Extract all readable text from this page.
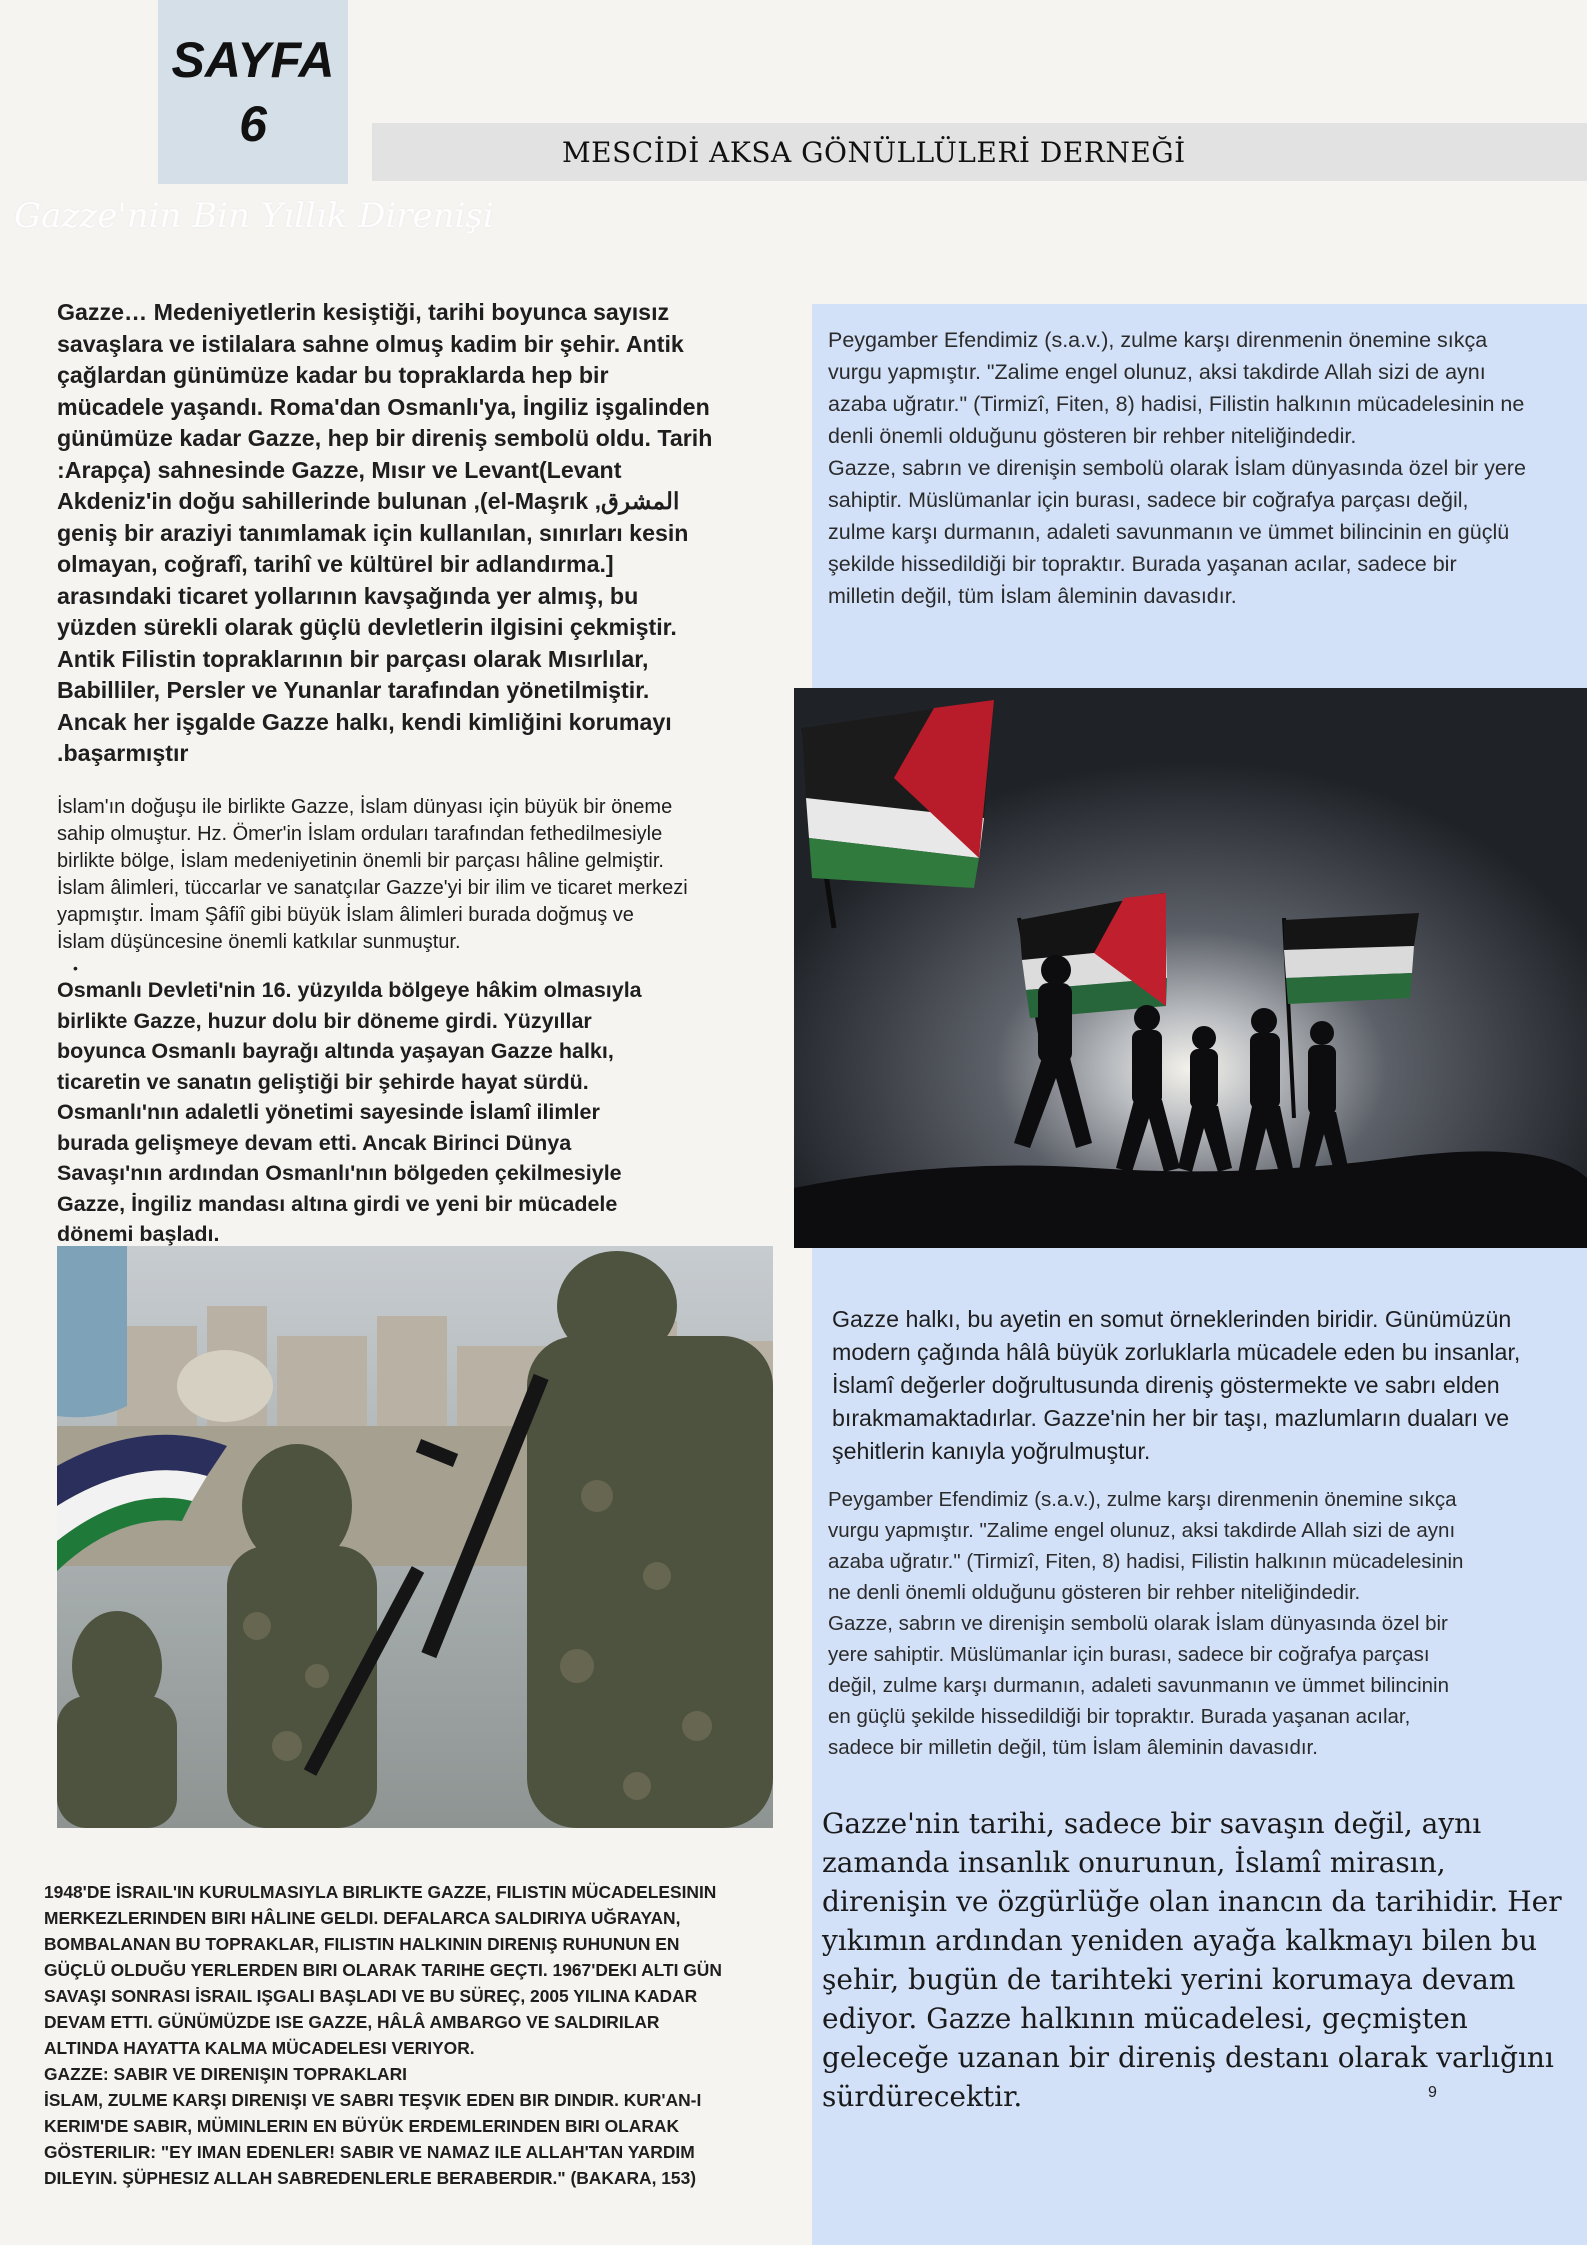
SAYFA
6	MESCİDİ AKSA GÖNÜLLÜLERİ DERNEĞİ
Gazze'nin Bin Yıllık Direnişi

Gazze… Medeniyetlerin kesiştiği, tarihi boyunca sayısız

savaşlara ve istilalara sahne olmuş kadim bir şehir. Antik

çağlardan günümüze kadar bu topraklarda hep bir

mücadele yaşandı. Roma'dan Osmanlı'ya, İngiliz işgalinden

günümüze kadar Gazze, hep bir direniş sembolü oldu. Tarih

:Arapça) sahnesinde Gazze, Mısır ve Levant(Levant

Akdeniz'in doğu sahillerinde bulunan ,(el-Maşrık ,المشرق

geniş bir araziyi tanımlamak için kullanılan, sınırları kesin

olmayan, coğrafî, tarihî ve kültürel bir adlandırma.]

arasındaki ticaret yollarının kavşağında yer almış, bu

yüzden sürekli olarak güçlü devletlerin ilgisini çekmiştir.

Antik Filistin topraklarının bir parçası olarak Mısırlılar,

Babilliler, Persler ve Yunanlar tarafından yönetilmiştir.

Ancak her işgalde Gazze halkı, kendi kimliğini korumayı

.başarmıştır

İslam'ın doğuşu ile birlikte Gazze, İslam dünyası için büyük bir öneme

sahip olmuştur. Hz. Ömer'in İslam orduları tarafından fethedilmesiyle

birlikte bölge, İslam medeniyetinin önemli bir parçası hâline gelmiştir.

İslam âlimleri, tüccarlar ve sanatçılar Gazze'yi bir ilim ve ticaret merkezi

yapmıştır. İmam Şâfiî gibi büyük İslam âlimleri burada doğmuş ve

İslam düşüncesine önemli katkılar sunmuştur.

•

Osmanlı Devleti'nin 16. yüzyılda bölgeye hâkim olmasıyla

birlikte Gazze, huzur dolu bir döneme girdi. Yüzyıllar

boyunca Osmanlı bayrağı altında yaşayan Gazze halkı,

ticaretin ve sanatın geliştiği bir şehirde hayat sürdü.

Osmanlı'nın adaletli yönetimi sayesinde İslamî ilimler

burada gelişmeye devam etti. Ancak Birinci Dünya

Savaşı'nın ardından Osmanlı'nın bölgeden çekilmesiyle

Gazze, İngiliz mandası altına girdi ve yeni bir mücadele

dönemi başladı.

Peygamber Efendimiz (s.a.v.), zulme karşı direnmenin önemine sıkça

vurgu yapmıştır. "Zalime engel olunuz, aksi takdirde Allah sizi de aynı

azaba uğratır." (Tirmizî, Fiten, 8) hadisi, Filistin halkının mücadelesinin ne

denli önemli olduğunu gösteren bir rehber niteliğindedir.

Gazze, sabrın ve direnişin sembolü olarak İslam dünyasında özel bir yere

sahiptir. Müslümanlar için burası, sadece bir coğrafya parçası değil,

zulme karşı durmanın, adaleti savunmanın ve ümmet bilincinin en güçlü

şekilde hissedildiği bir topraktır. Burada yaşanan acılar, sadece bir

milletin değil, tüm İslam âleminin davasıdır.

Gazze halkı, bu ayetin en somut örneklerinden biridir. Günümüzün

modern çağında hâlâ büyük zorluklarla mücadele eden bu insanlar,

İslamî değerler doğrultusunda direniş göstermekte ve sabrı elden

bırakmamaktadırlar. Gazze'nin her bir taşı, mazlumların duaları ve

şehitlerin kanıyla yoğrulmuştur.

Peygamber Efendimiz (s.a.v.), zulme karşı direnmenin önemine sıkça

vurgu yapmıştır. "Zalime engel olunuz, aksi takdirde Allah sizi de aynı

azaba uğratır." (Tirmizî, Fiten, 8) hadisi, Filistin halkının mücadelesinin

ne denli önemli olduğunu gösteren bir rehber niteliğindedir.

Gazze, sabrın ve direnişin sembolü olarak İslam dünyasında özel bir

yere sahiptir. Müslümanlar için burası, sadece bir coğrafya parçası

değil, zulme karşı durmanın, adaleti savunmanın ve ümmet bilincinin

en güçlü şekilde hissedildiği bir topraktır. Burada yaşanan acılar,

sadece bir milletin değil, tüm İslam âleminin davasıdır.

Gazze'nin tarihi, sadece bir savaşın değil, aynı

zamanda insanlık onurunun, İslamî mirasın,

direnişin ve özgürlüğe olan inancın da tarihidir. Her

yıkımın ardından yeniden ayağa kalkmayı bilen bu

şehir, bugün de tarihteki yerini korumaya devam

ediyor. Gazze halkının mücadelesi, geçmişten

geleceğe uzanan bir direniş destanı olarak varlığını

sürdürecektir.	9

1948'DE İSRAIL'IN KURULMASIYLA BIRLIKTE GAZZE, FILISTIN MÜCADELESININ

MERKEZLERINDEN BIRI HÂLINE GELDI. DEFALARCA SALDIRIYA UĞRAYAN,

BOMBALANAN BU TOPRAKLAR, FILISTIN HALKININ DIRENIŞ RUHUNUN EN

GÜÇLÜ OLDUĞU YERLERDEN BIRI OLARAK TARIHE GEÇTI. 1967'DEKI ALTI GÜN

SAVAŞI SONRASI İSRAIL IŞGALI BAŞLADI VE BU SÜREÇ, 2005 YILINA KADAR

DEVAM ETTI. GÜNÜMÜZDE ISE GAZZE, HÂLÂ AMBARGO VE SALDIRILAR

ALTINDA HAYATTA KALMA MÜCADELESI VERIYOR.

GAZZE: SABIR VE DIRENIŞIN TOPRAKLARI

İSLAM, ZULME KARŞI DIRENIŞI VE SABRI TEŞVIK EDEN BIR DINDIR. KUR'AN-I

KERIM'DE SABIR, MÜMINLERIN EN BÜYÜK ERDEMLERINDEN BIRI OLARAK

GÖSTERILIR: "EY IMAN EDENLER! SABIR VE NAMAZ ILE ALLAH'TAN YARDIM

DILEYIN. ŞÜPHESIZ ALLAH SABREDENLERLE BERABERDIR." (BAKARA, 153)
